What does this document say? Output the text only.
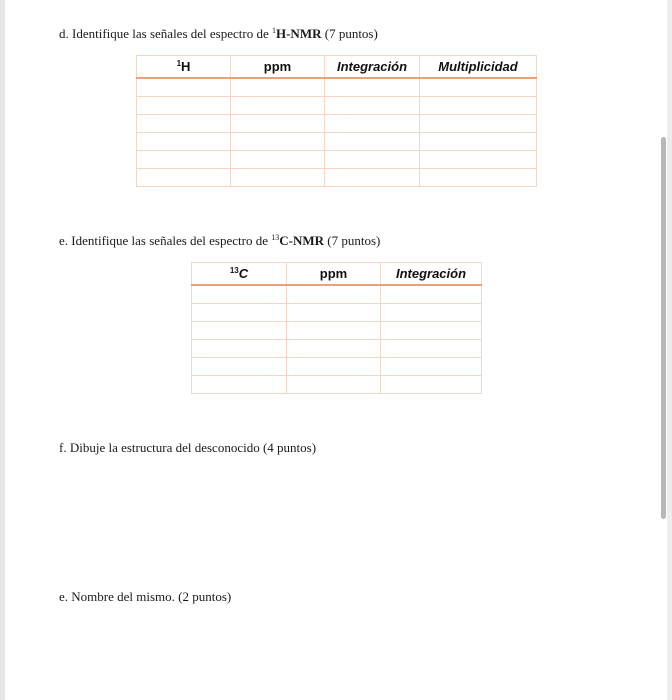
d. Identifique las señales del espectro de $^1$H-NMR (7 puntos)
$^1$H	ppm	Integración	Multiplicidad

e. Identifique las señales del espectro de $^{13}$C-NMR (7 puntos)
$^{13}$C	ppm	Integración

f. Dibuje la estructura del desconocido (4 puntos)
e. Nombre del mismo. (2 puntos)
